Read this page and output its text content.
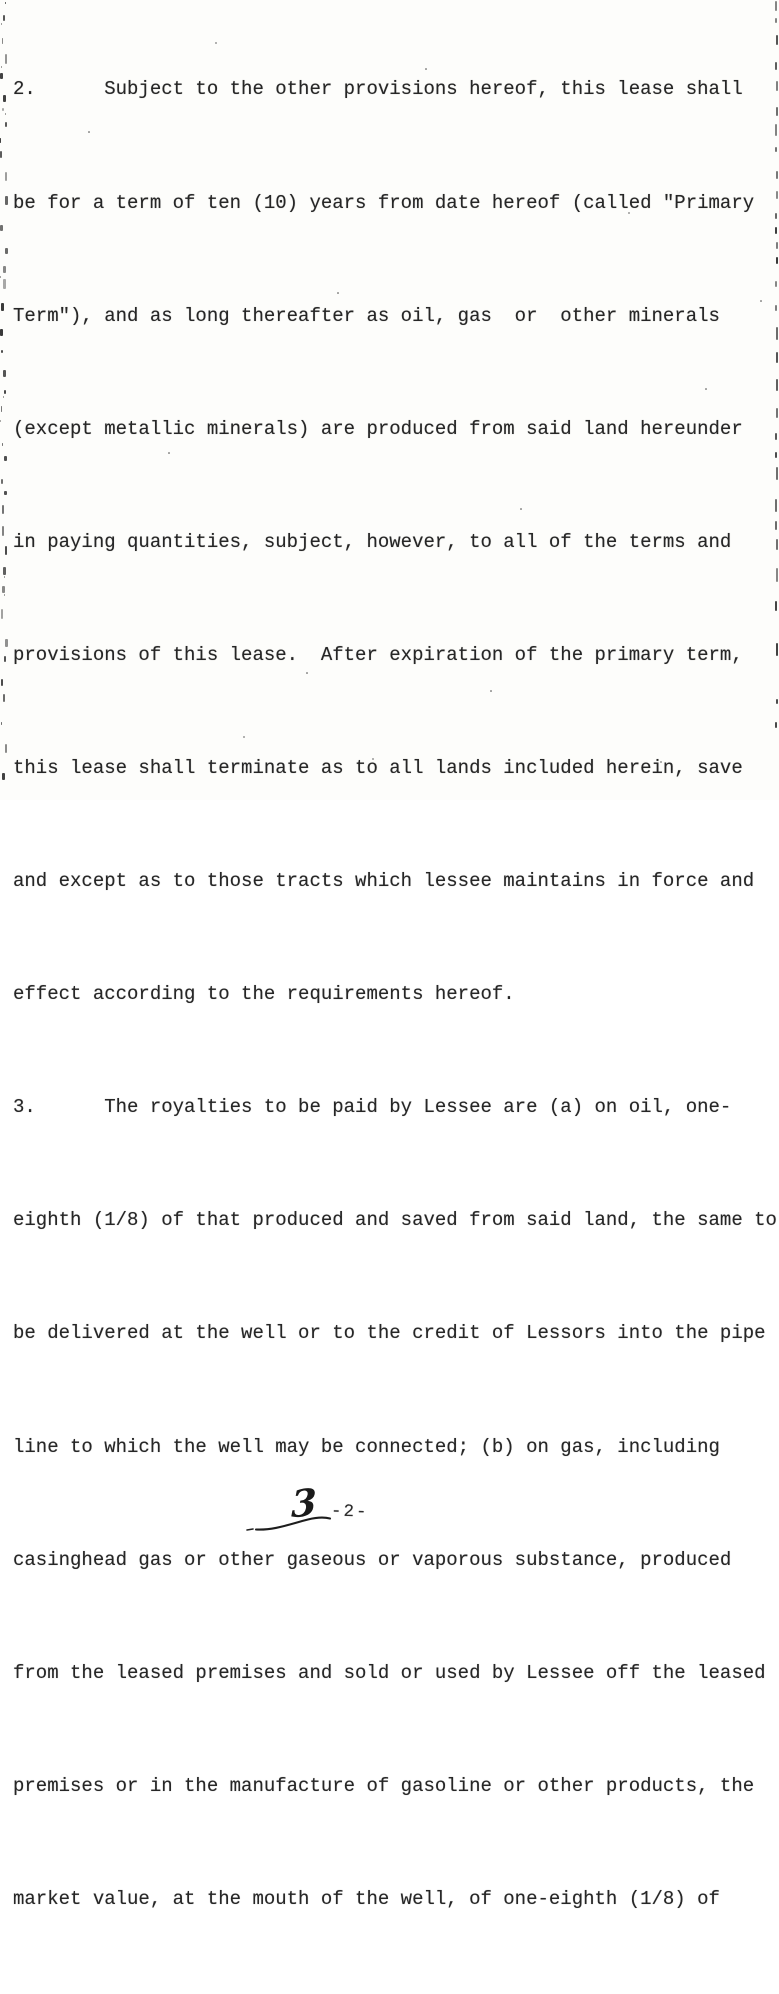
2.      Subject to the other provisions hereof, this lease shall

be for a term of ten (10) years from date hereof (called "Primary

Term"), and as long thereafter as oil, gas  or  other minerals

(except metallic minerals) are produced from said land hereunder

in paying quantities, subject, however, to all of the terms and

provisions of this lease.  After expiration of the primary term,

this lease shall terminate as to all lands included herein, save

and except as to those tracts which lessee maintains in force and

effect according to the requirements hereof.

3.      The royalties to be paid by Lessee are (a) on oil, one-

eighth (1/8) of that produced and saved from said land, the same to

be delivered at the well or to the credit of Lessors into the pipe

line to which the well may be connected; (b) on gas, including

casinghead gas or other gaseous or vaporous substance, produced

from the leased premises and sold or used by Lessee off the leased

premises or in the manufacture of gasoline or other products, the

market value, at the mouth of the well, of one-eighth (1/8) of

3 -2-
